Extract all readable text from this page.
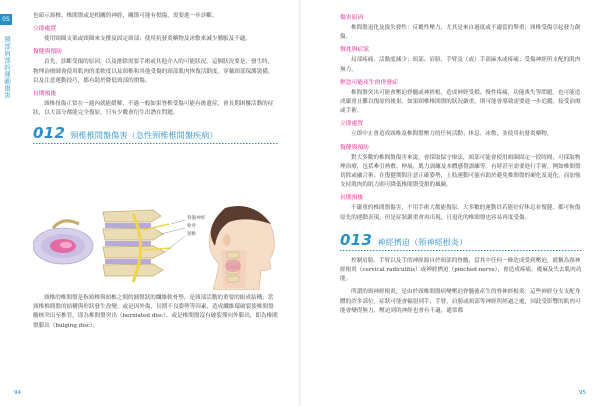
05
頸部肩部的運動傷害

也暗示頸椎、椎間盤或是相關的神經，關節可能有損傷，需要進一步診斷。

立即處置

使用頸圈支架或頸圈來支撐及固定頸部；使用抗發炎藥物及冰敷來減少腫脹及不適。

復健與預防

首先，診斷受傷的原因，以及排除需要手術或其他介入的可能狀況。這個狀況要是，發生時，物理治療師會使用肌肉的柔軟度以及頸椎和其他受傷的頸部肌肉恢復活動度。穿戴頸部保護裝備，以及注意運動技巧，都有助於降低頸部的損傷。

長期預後

頸椎扭傷正常在一週內就能緩解，不過一般如果脊椎受傷可能有後遺症，會長期困擾活動的症狀，以大部分都能完全復原，只有少數會衍生出潛在問題。

012 頸椎椎間盤傷害（急性頸椎椎間盤疾病）
脊髓神經
軟骨
頸椎

頸椎的椎間盤是指頸椎與頸椎之間的圓盤狀的纖維軟骨墊，是頸部活動的重要的組成結構；當頸椎椎間盤的結構與形狀發生改變，或是因外傷、長期不良姿勢等因素，造成纖維環破裂使椎間盤髓核突出至椎管，即為椎間盤突出（herniated disc），或是椎間盤沒有破裂僅向外膨出，即為椎間盤膨出（bulging disc）。

94
傷害原因

椎間盤退化及拔失發性：反覆性壓力，尤其是來自過度或不適當的舉重；頸椎受傷引起發力創傷。

徵兆與症狀

局部疼痛、活動度減少；頸部、肩膀、手臂及（或）手部麻木或疼痛；受傷神經所支配的肌肉無力。

輕忽可能產生的併發症

椎間盤突出可能會壓迫脊髓或神經根，造成神經受損、慢性疼痛、功能喪失等問題，也可能造成嚴重且難以復原的後果。如果頸椎椎間盤的狀況嚴重，則可能會導致需要進一步追蹤、接受治療或手術。

立即處置

立即中止會造成頸椎及椎間盤壓力的任何活動；休息、冰敷，並使用抗發炎藥物。

復健與預防

對大多數的椎間盤傷害來說，會採取保守療法，頸部可能會使用頸圈固定一段時間，可採取物理治療，包括牽引熱敷、伸展、肌力訓練及本體感覺訓練等。有時甚至需要進行手術，例如椎間盤切除或融合術；在復健期間注意正確姿勢，上肢運動可能有助於避免椎間盤的硬化及退化，而加強支持肌肉的肌力則可降低椎間盤受損的風險。

長期預後

不嚴重的椎間盤傷害，不用手術大都能復原。大多數的運動員若能好好休息並復健，都可恢復原先的運動表現，但是症狀嚴重會再出現，且退化的椎間盤也容易再度受傷。

013 神經擠迫（頸神經根炎）

控制肩膀、手臂以及手的神經源自於頸部的脊髓，當其中任何一條造成受到壓迫，就稱為頸神經根炎（cervical radiculitis）或神經擠迫（pinched nerve），會造成疼痛、痠麻及失去肌肉功能。

所謂的頸神經根炎，是由於頸椎間盤病變壓迫脊髓後產生的脊神經根炎。這些神經分支支配身體的許多部位，症狀可能會輻射到手，手臂，肩膀或頸部等神經所經過之處，因此受影響的肌肉可能會變得無力，壓迫到的神經也會有不適，通常都

95
